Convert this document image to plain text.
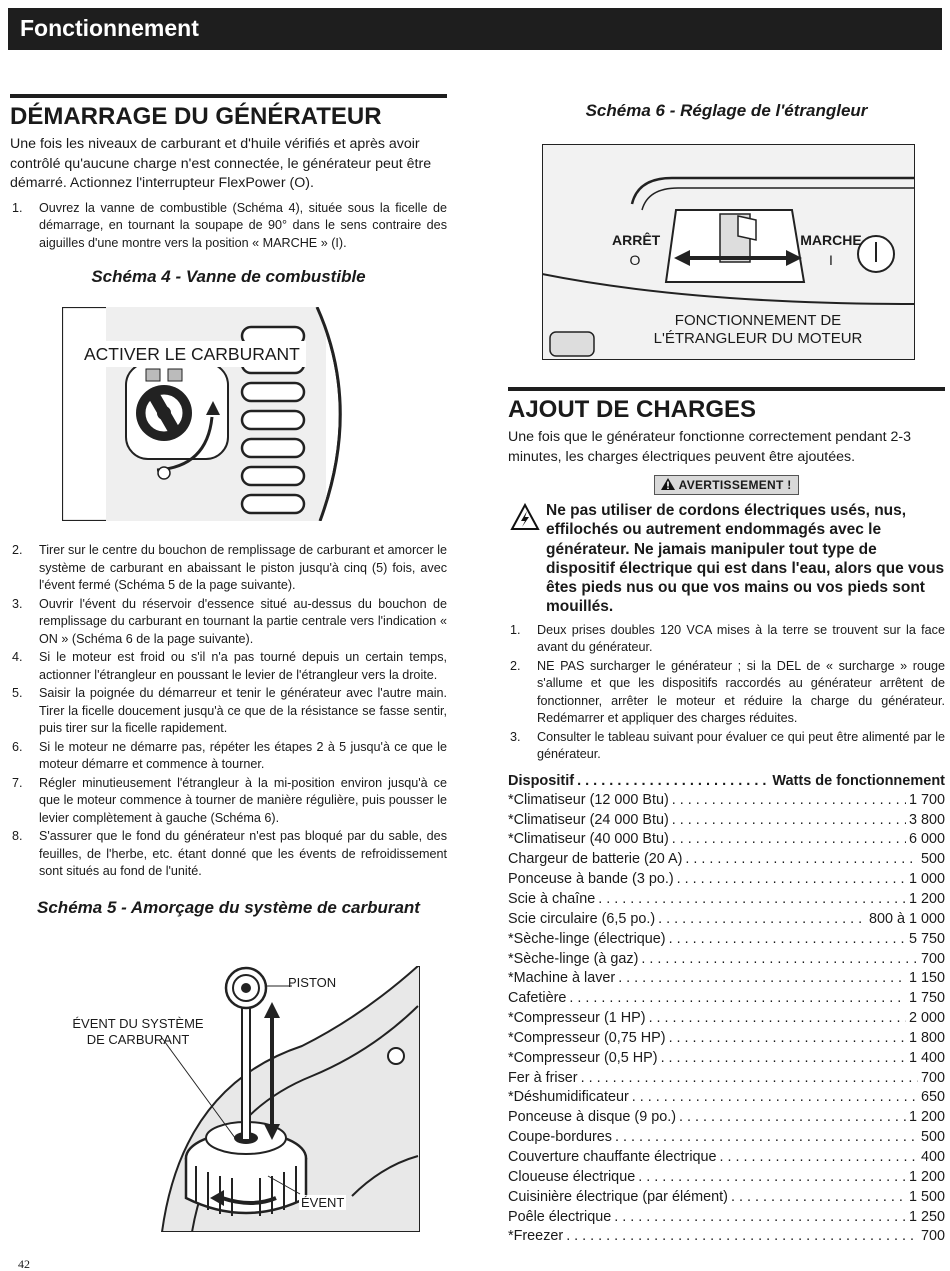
Fonctionnement
DÉMARRAGE DU GÉNÉRATEUR
Une fois les niveaux de carburant et d'huile vérifiés et après avoir contrôlé qu'aucune charge n'est connectée, le générateur peut être démarré. Actionnez l'interrupteur FlexPower (O).
1. Ouvrez la vanne de combustible (Schéma 4), située sous la ficelle de démarrage, en tournant la soupape de 90° dans le sens contraire des aiguilles d'une montre vers la position « MARCHE » (I).
Schéma 4 - Vanne de combustible
ACTIVER LE CARBURANT
2. Tirer sur le centre du bouchon de remplissage de carburant et amorcer le système de carburant en abaissant le piston jusqu'à cinq (5) fois, avec l'évent fermé (Schéma 5 de la page suivante).
3. Ouvrir l'évent du réservoir d'essence situé au-dessus du bouchon de remplissage du carburant en tournant la partie centrale vers l'indication « ON » (Schéma 6 de la page suivante).
4. Si le moteur est froid ou s'il n'a pas tourné depuis un certain temps, actionner l'étrangleur en poussant le levier de l'étrangleur vers la droite.
5. Saisir la poignée du démarreur et tenir le générateur avec l'autre main. Tirer la ficelle doucement jusqu'à ce que de la résistance se fasse sentir, puis tirer sur la ficelle rapidement.
6. Si le moteur ne démarre pas, répéter les étapes 2 à 5 jusqu'à ce que le moteur démarre et commence à tourner.
7. Régler minutieusement l'étrangleur à la mi-position environ jusqu'à ce que le moteur commence à tourner de manière régulière, puis pousser le levier complètement à gauche (Schéma 6).
8. S'assurer que le fond du générateur n'est pas bloqué par du sable, des feuilles, de l'herbe, etc. étant donné que les évents de refroidissement sont situés au fond de l'unité.
Schéma 5 - Amorçage du système de carburant
PISTON
ÉVENT DU SYSTÈME
DE CARBURANT
ÉVENT
Schéma 6 - Réglage de l'étrangleur
ARRÊT
O
MARCHE
I
FONCTIONNEMENT DE
L'ÉTRANGLEUR DU MOTEUR
AJOUT DE CHARGES
Une fois que le générateur fonctionne correctement pendant 2-3 minutes, les charges électriques peuvent être ajoutées.
AVERTISSEMENT !
Ne pas utiliser de cordons électriques usés, nus, effilochés ou autrement endommagés avec le générateur. Ne jamais manipuler tout type de dispositif électrique qui est dans l'eau, alors que vous êtes pieds nus ou que vos mains ou vos pieds sont mouillés.
1. Deux prises doubles 120 VCA mises à la terre se trouvent sur la face avant du générateur.
2. NE PAS surcharger le générateur ; si la DEL de « surcharge » rouge s'allume et que les dispositifs raccordés au générateur arrêtent de fonctionner, arrêter le moteur et réduire la charge du générateur. Redémarrer et appliquer des charges réduites.
3. Consulter le tableau suivant pour évaluer ce qui peut être alimenté par le générateur.
Dispositif . . .	Watts de fonctionnement
*Climatiseur (12 000 Btu) . . .	1 700
*Climatiseur (24 000 Btu) . . .	3 800
*Climatiseur (40 000 Btu) . . .	6 000
Chargeur de batterie (20 A) . . .	500
Ponceuse à bande (3 po.) . . .	1 000
Scie à chaîne . . .	1 200
Scie circulaire (6,5 po.) . . .	800 à 1 000
*Sèche-linge (électrique) . . .	5 750
*Sèche-linge (à gaz) . . .	700
*Machine à laver . . .	1 150
Cafetière . . .	1 750
*Compresseur (1 HP) . . .	2 000
*Compresseur (0,75 HP) . . .	1 800
*Compresseur (0,5 HP) . . .	1 400
Fer à friser . . .	700
*Déshumidificateur . . .	650
Ponceuse à disque (9 po.) . . .	1 200
Coupe-bordures . . .	500
Couverture chauffante électrique . . .	400
Cloueuse électrique . . .	1 200
Cuisinière électrique (par élément) . . .	1 500
Poêle électrique . . .	1 250
*Freezer . . .	700
42
